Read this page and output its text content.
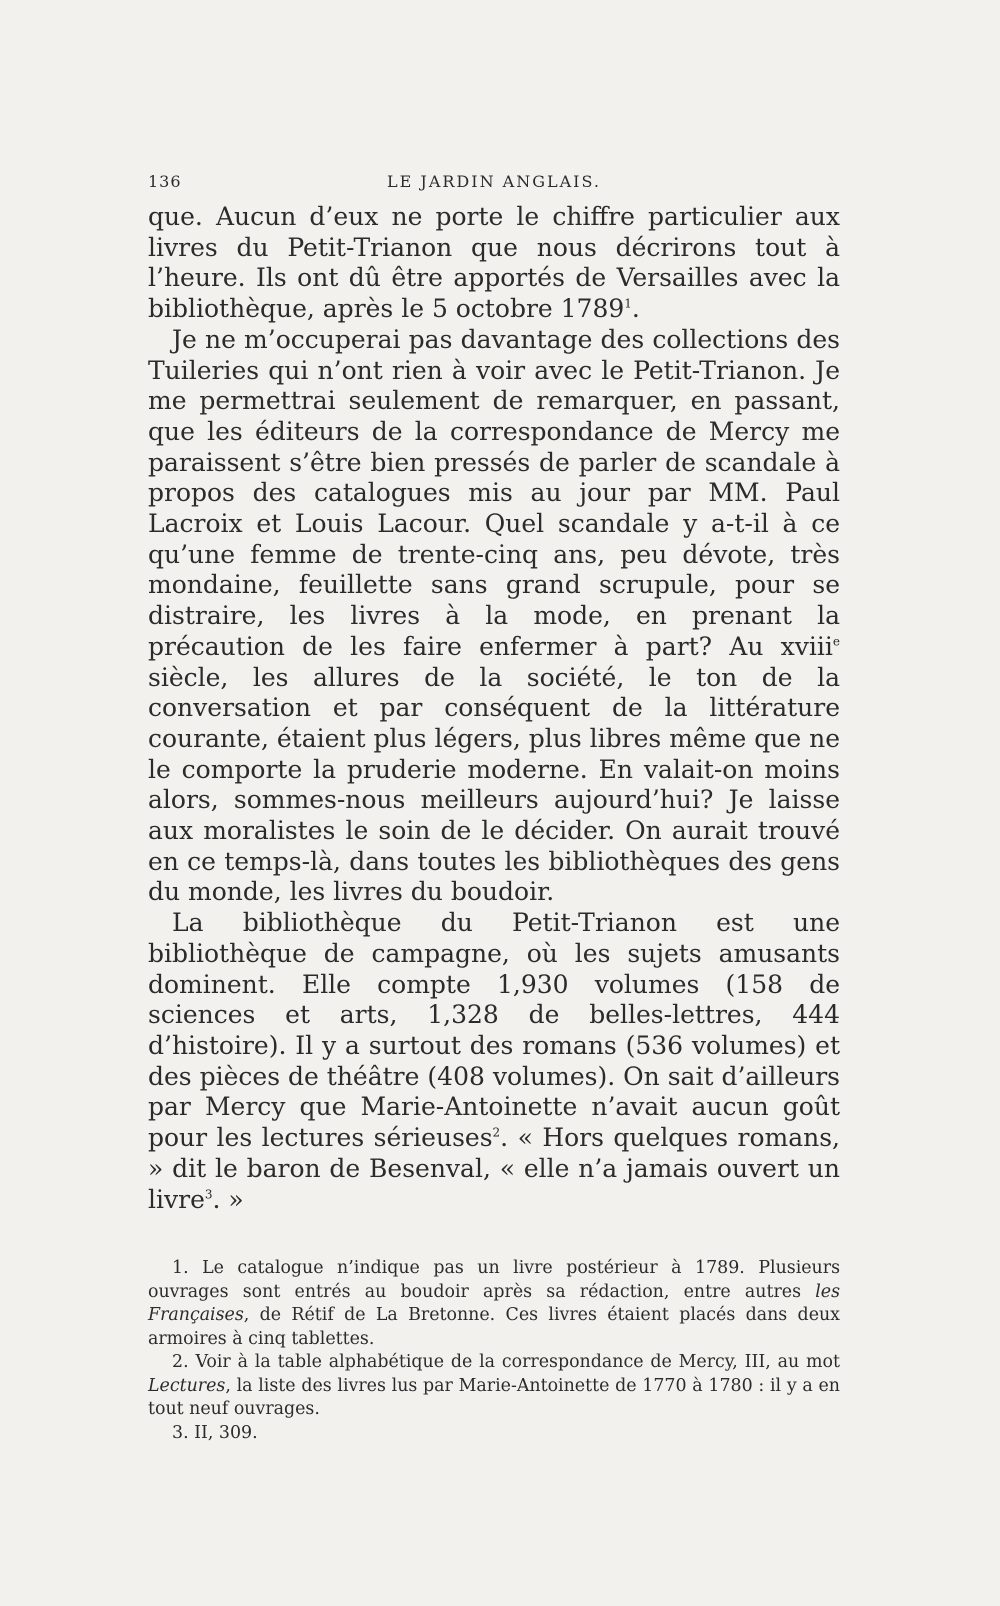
136	LE JARDIN ANGLAIS.

que. Aucun d’eux ne porte le chiffre particulier aux livres du Petit-Trianon que nous décrirons tout à l’heure. Ils ont dû être apportés de Versailles avec la bibliothèque, après le 5 octobre 1789$^1$.

Je ne m’occuperai pas davantage des collections des Tuileries qui n’ont rien à voir avec le Petit-Trianon. Je me permettrai seulement de remarquer, en passant, que les éditeurs de la correspondance de Mercy me paraissent s’être bien pressés de parler de scandale à propos des catalogues mis au jour par MM. Paul Lacroix et Louis Lacour. Quel scandale y a-t-il à ce qu’une femme de trente-cinq ans, peu dévote, très mondaine, feuillette sans grand scrupule, pour se distraire, les livres à la mode, en prenant la précaution de les faire enfermer à part? Au xviii$^e$ siècle, les allures de la société, le ton de la conversation et par conséquent de la littérature courante, étaient plus légers, plus libres même que ne le comporte la pruderie moderne. En valait-on moins alors, sommes-nous meilleurs aujourd’hui? Je laisse aux moralistes le soin de le décider. On aurait trouvé en ce temps-là, dans toutes les bibliothèques des gens du monde, les livres du boudoir.

La bibliothèque du Petit-Trianon est une bibliothèque de campagne, où les sujets amusants dominent. Elle compte 1,930 volumes (158 de sciences et arts, 1,328 de belles-lettres, 444 d’histoire). Il y a surtout des romans (536 volumes) et des pièces de théâtre (408 volumes). On sait d’ailleurs par Mercy que Marie-Antoinette n’avait aucun goût pour les lectures sérieuses$^2$. « Hors quelques romans, » dit le baron de Besenval, « elle n’a jamais ouvert un livre$^3$. »

1. Le catalogue n’indique pas un livre postérieur à 1789. Plusieurs ouvrages sont entrés au boudoir après sa rédaction, entre autres les Françaises, de Rétif de La Bretonne. Ces livres étaient placés dans deux armoires à cinq tablettes.

2. Voir à la table alphabétique de la correspondance de Mercy, III, au mot Lectures, la liste des livres lus par Marie-Antoinette de 1770 à 1780 : il y a en tout neuf ouvrages.

3. II, 309.
